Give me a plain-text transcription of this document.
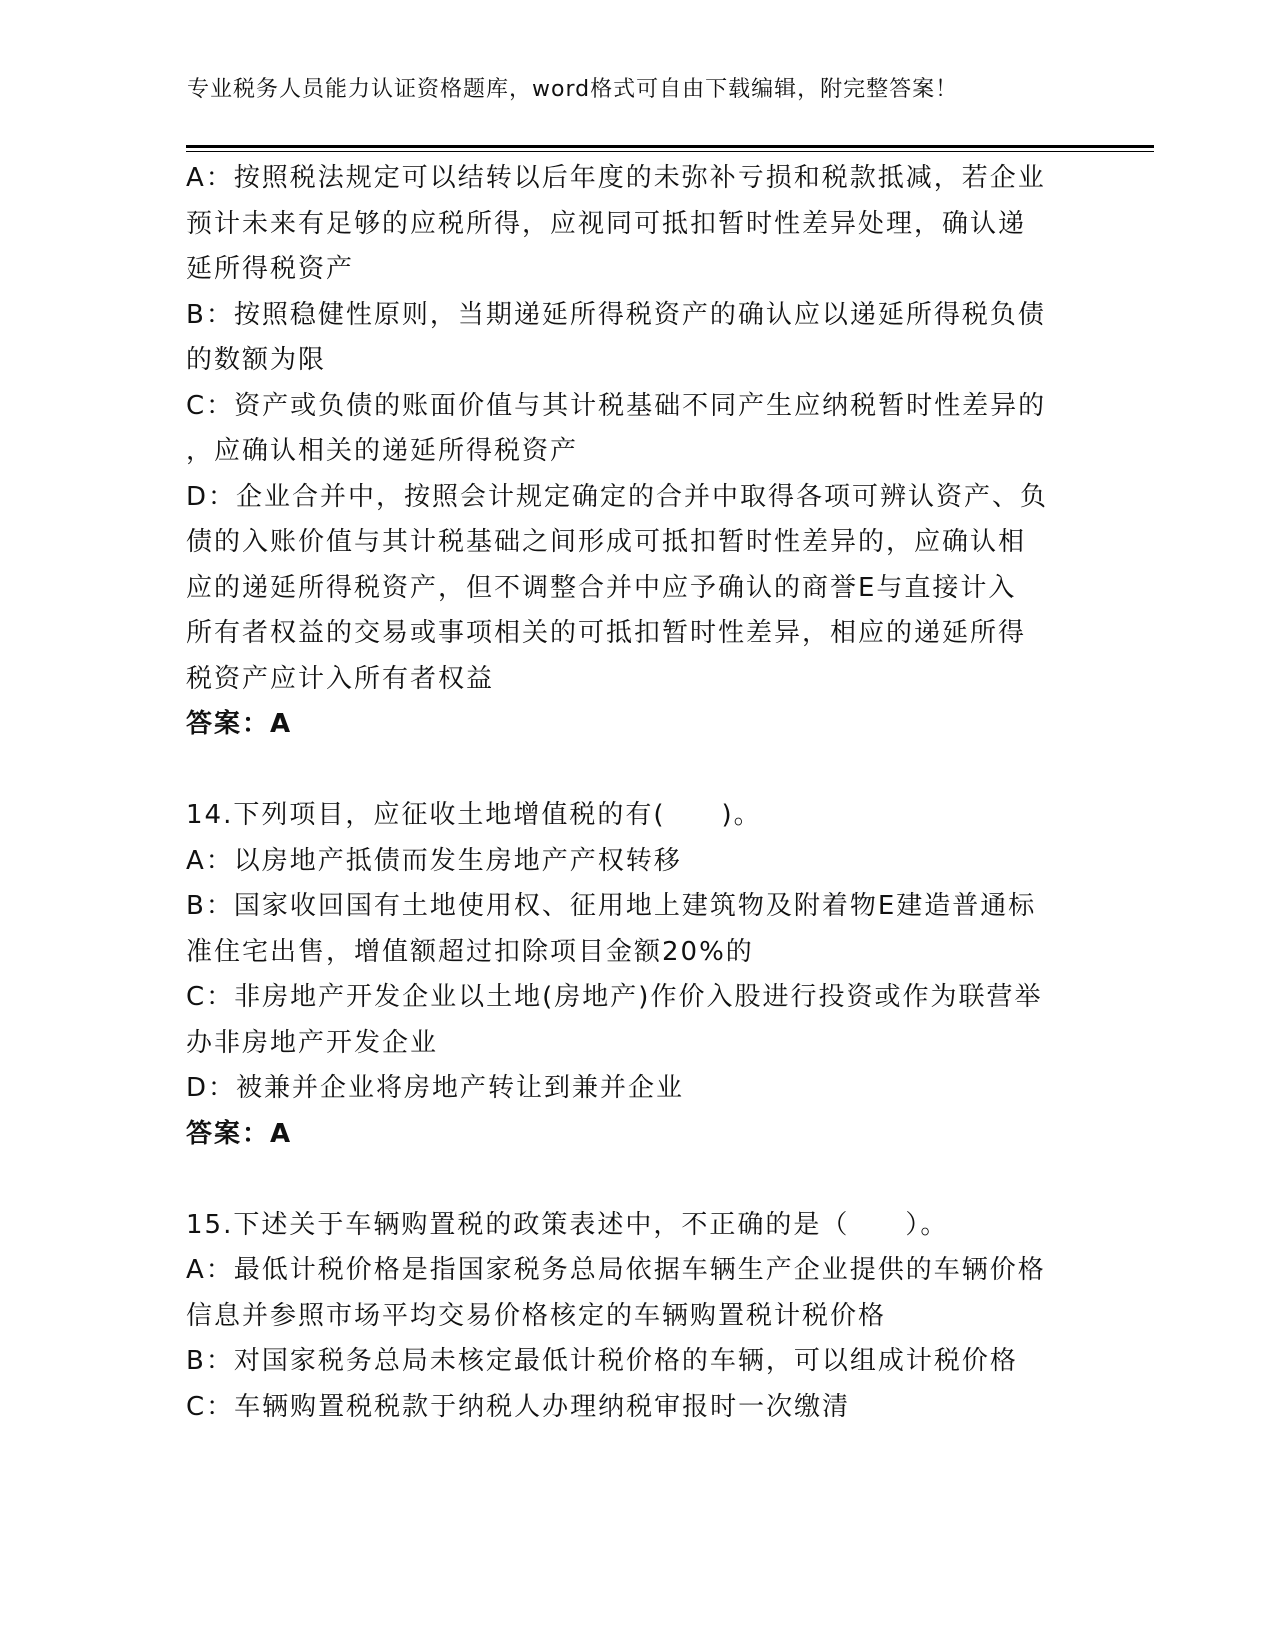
专业税务人员能力认证资格题库，word格式可自由下载编辑，附完整答案！
A：按照税法规定可以结转以后年度的未弥补亏损和税款抵减，若企业
预计未来有足够的应税所得，应视同可抵扣暂时性差异处理，确认递
延所得税资产
B：按照稳健性原则，当期递延所得税资产的确认应以递延所得税负债
的数额为限
C：资产或负债的账面价值与其计税基础不同产生应纳税暂时性差异的
，应确认相关的递延所得税资产
D：企业合并中，按照会计规定确定的合并中取得各项可辨认资产、负
债的入账价值与其计税基础之间形成可抵扣暂时性差异的，应确认相
应的递延所得税资产，但不调整合并中应予确认的商誉E与直接计入
所有者权益的交易或事项相关的可抵扣暂时性差异，相应的递延所得
税资产应计入所有者权益
答案：A
14.下列项目，应征收土地增值税的有(　　)。
A：以房地产抵债而发生房地产产权转移
B：国家收回国有土地使用权、征用地上建筑物及附着物E建造普通标
准住宅出售，增值额超过扣除项目金额20%的
C：非房地产开发企业以土地(房地产)作价入股进行投资或作为联营举
办非房地产开发企业
D：被兼并企业将房地产转让到兼并企业
答案：A
15.下述关于车辆购置税的政策表述中，不正确的是（　　）。
A：最低计税价格是指国家税务总局依据车辆生产企业提供的车辆价格
信息并参照市场平均交易价格核定的车辆购置税计税价格
B：对国家税务总局未核定最低计税价格的车辆，可以组成计税价格
C：车辆购置税税款于纳税人办理纳税审报时一次缴清
